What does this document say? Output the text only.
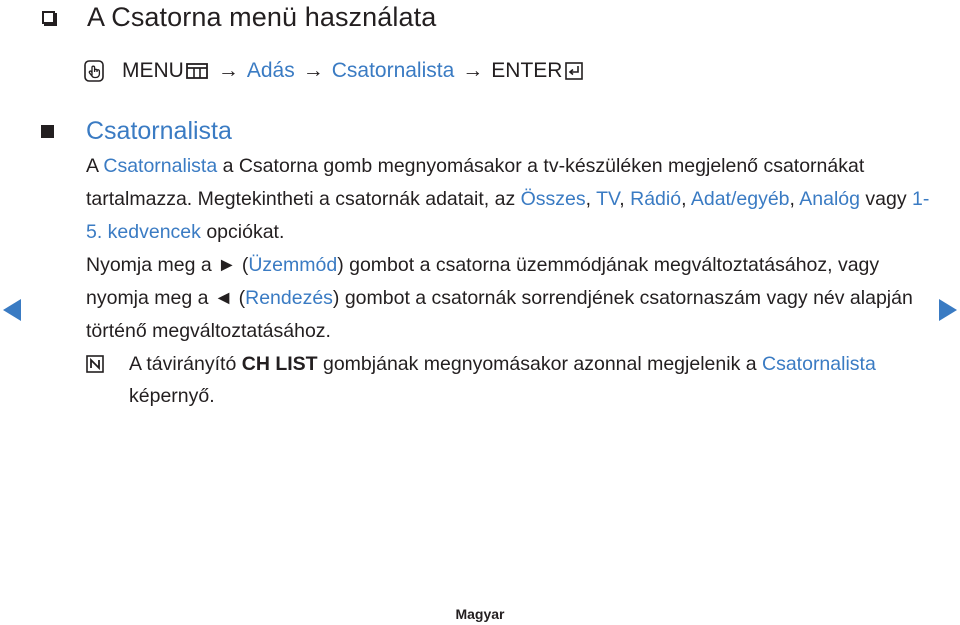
A Csatorna menü használata
MENU → Adás → Csatornalista → ENTER
Csatornalista

A Csatornalista a Csatorna gomb megnyomásakor a tv-készüléken megjelenő csatornákat tartalmazza. Megtekintheti a csatornák adatait, az Összes, TV, Rádió, Adat/egyéb, Analóg vagy 1-5. kedvencek opciókat.

Nyomja meg a ► (Üzemmód) gombot a csatorna üzemmódjának megváltoztatásához, vagy nyomja meg a ◄ (Rendezés) gombot a csatornák sorrendjének csatornaszám vagy név alapján történő megváltoztatásához.

A távirányító CH LIST gombjának megnyomásakor azonnal megjelenik a Csatornalista képernyő.
Magyar
